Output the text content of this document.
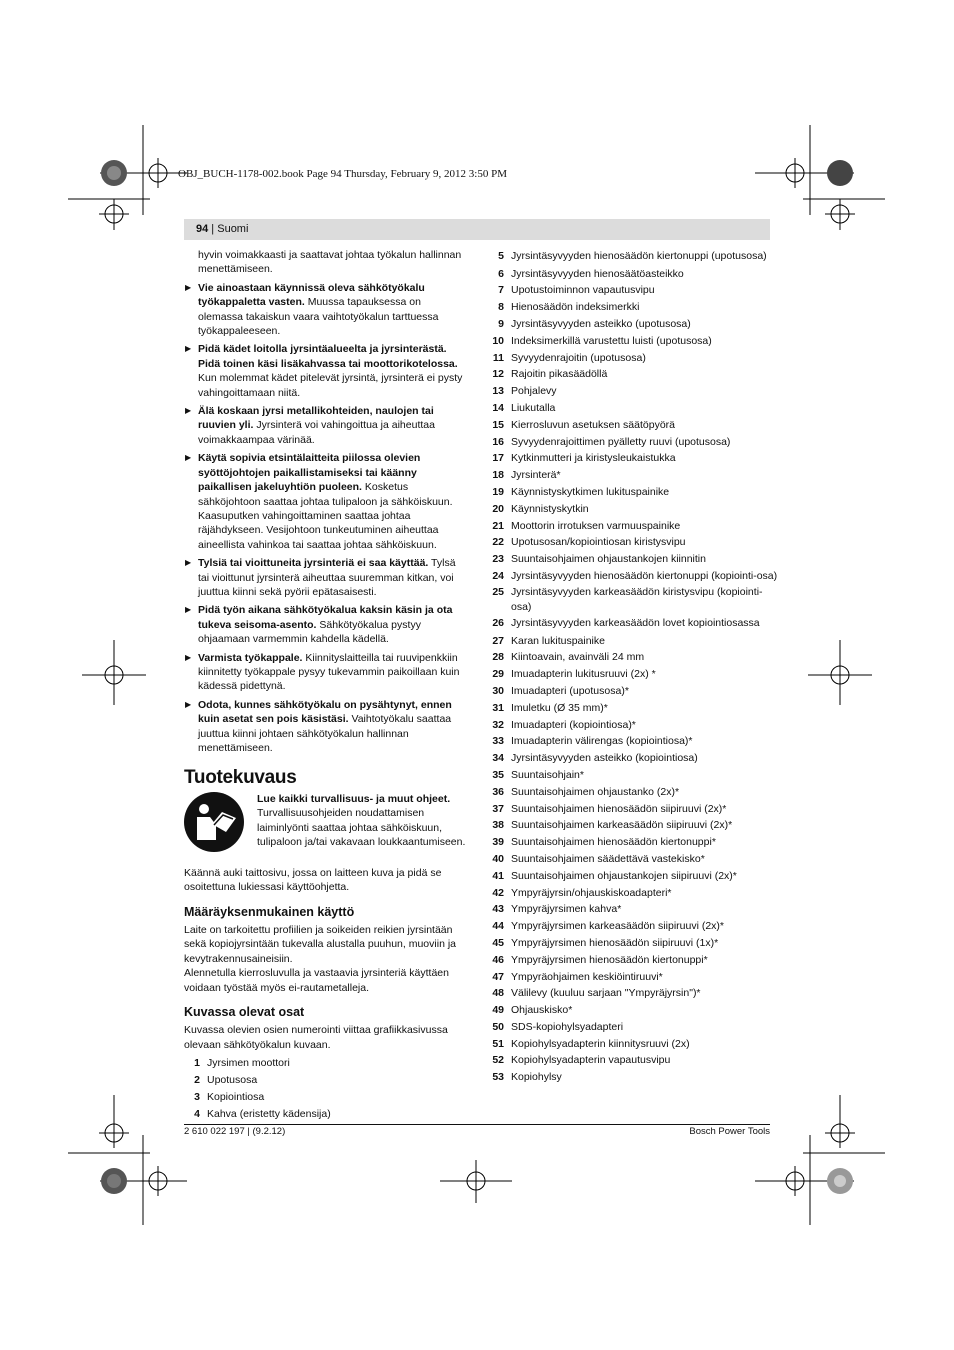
OBJ_BUCH-1178-002.book Page 94 Thursday, February 9, 2012 3:50 PM
94 | Suomi

hyvin voimakkaasti ja saattavat johtaa työkalun hallinnan menettämiseen.

▶ Vie ainoastaan käynnissä oleva sähkötyökalu työkappaletta vasten. Muussa tapauksessa on olemassa takaiskun vaara vaihtotyökalun tarttuessa työkappaleeseen.
▶ Pidä kädet loitolla jyrsintäalueelta ja jyrsinterästä. Pidä toinen käsi lisäkahvassa tai moottorikotelossa. Kun molemmat kädet pitelevät jyrsintä, jyrsinterä ei pysty vahingoittamaan niitä.
▶ Älä koskaan jyrsi metallikohteiden, naulojen tai ruuvien yli. Jyrsinterä voi vahingoittua ja aiheuttaa voimakkaampaa värinää.
▶ Käytä sopivia etsintälaitteita piilossa olevien syöttöjohtojen paikallistamiseksi tai käänny paikallisen jakeluyhtiön puoleen. Kosketus sähköjohtoon saattaa johtaa tulipaloon ja sähköiskuun. Kaasuputken vahingoittaminen saattaa johtaa räjähdykseen. Vesijohtoon tunkeutuminen aiheuttaa aineellista vahinkoa tai saattaa johtaa sähköiskuun.
▶ Tylsiä tai vioittuneita jyrsinteriä ei saa käyttää. Tylsä tai vioittunut jyrsinterä aiheuttaa suuremman kitkan, voi juuttua kiinni sekä pyörii epätasaisesti.
▶ Pidä työn aikana sähkötyökalua kaksin käsin ja ota tukeva seisoma-asento. Sähkötyökalua pystyy ohjaamaan varmemmin kahdella kädellä.
▶ Varmista työkappale. Kiinnityslaitteilla tai ruuvipenkkiin kiinnitetty työkappale pysyy tukevammin paikoillaan kuin kädessä pidettynä.
▶ Odota, kunnes sähkötyökalu on pysähtynyt, ennen kuin asetat sen pois käsistäsi. Vaihtotyökalu saattaa juuttua kiinni johtaen sähkötyökalun hallinnan menettämiseen.
Tuotekuvaus
Lue kaikki turvallisuus- ja muut ohjeet. Turvallisuusohjeiden noudattamisen laiminlyönti saattaa johtaa sähköiskuun, tulipaloon ja/tai vakavaan loukkaantumiseen.

Käännä auki taittosivu, jossa on laitteen kuva ja pidä se osoitettuna lukiessasi käyttöohjetta.

Määräyksenmukainen käyttö

Laite on tarkoitettu profiilien ja soikeiden reikien jyrsintään sekä kopiojyrsintään tukevalla alustalla puuhun, muoviin ja kevytrakennusaineisiin.

Alennetulla kierrosluvulla ja vastaavia jyrsinteriä käyttäen voidaan työstää myös ei-rautametalleja.

Kuvassa olevat osat

Kuvassa olevien osien numerointi viittaa grafiikkasivussa olevaan sähkötyökalun kuvaan.

1 Jyrsimen moottori
2 Upotusosa
3 Kopiointiosa
4 Kahva (eristetty kädensija)
5 Jyrsintäsyvyyden hienosäädön kiertonuppi (upotusosa)
6 Jyrsintäsyvyyden hienosäätöasteikko
7 Upotustoiminnon vapautusvipu
8 Hienosäädön indeksimerkki
9 Jyrsintäsyvyyden asteikko (upotusosa)
10 Indeksimerkillä varustettu luisti (upotusosa)
11 Syvyydenrajoitin (upotusosa)
12 Rajoitin pikasäädöllä
13 Pohjalevy
14 Liukutalla
15 Kierrosluvun asetuksen säätöpyörä
16 Syvyydenrajoittimen pyälletty ruuvi (upotusosa)
17 Kytkinmutteri ja kiristysleukaistukka
18 Jyrsinterä*
19 Käynnistyskytkimen lukituspainike
20 Käynnistyskytkin
21 Moottorin irrotuksen varmuuspainike
22 Upotusosan/kopiointiosan kiristysvipu
23 Suuntaisohjaimen ohjaustankojen kiinnitin
24 Jyrsintäsyvyyden hienosäädön kiertonuppi (kopiointi-osa)
25 Jyrsintäsyvyyden karkeasäädön kiristysvipu (kopiointi-osa)
26 Jyrsintäsyvyyden karkeasäädön lovet kopiointiosassa
27 Karan lukituspainike
28 Kiintoavain, avainväli 24 mm
29 Imuadapterin lukitusruuvi (2x) *
30 Imuadapteri (upotusosa)*
31 Imuletku (Ø 35 mm)*
32 Imuadapteri (kopiointiosa)*
33 Imuadapterin välirengas (kopiointiosa)*
34 Jyrsintäsyvyyden asteikko (kopiointiosa)
35 Suuntaisohjain*
36 Suuntaisohjaimen ohjaustanko (2x)*
37 Suuntaisohjaimen hienosäädön siipiruuvi (2x)*
38 Suuntaisohjaimen karkeasäädön siipiruuvi (2x)*
39 Suuntaisohjaimen hienosäädön kiertonuppi*
40 Suuntaisohjaimen säädettävä vastekisko*
41 Suuntaisohjaimen ohjaustankojen siipiruuvi (2x)*
42 Ympyräjyrsin/ohjauskiskoadapteri*
43 Ympyräjyrsimen kahva*
44 Ympyräjyrsimen karkeasäädön siipiruuvi (2x)*
45 Ympyräjyrsimen hienosäädön siipiruuvi (1x)*
46 Ympyräjyrsimen hienosäädön kiertonuppi*
47 Ympyräohjaimen keskiöintiruuvi*
48 Välilevy (kuuluu sarjaan "Ympyräjyrsin")*
49 Ohjauskisko*
50 SDS-kopiohylsyadapteri
51 Kopiohylsyadapterin kiinnitysruuvi (2x)
52 Kopiohylsyadapterin vapautusvipu
53 Kopiohylsy
2 610 022 197 | (9.2.12)	Bosch Power Tools
